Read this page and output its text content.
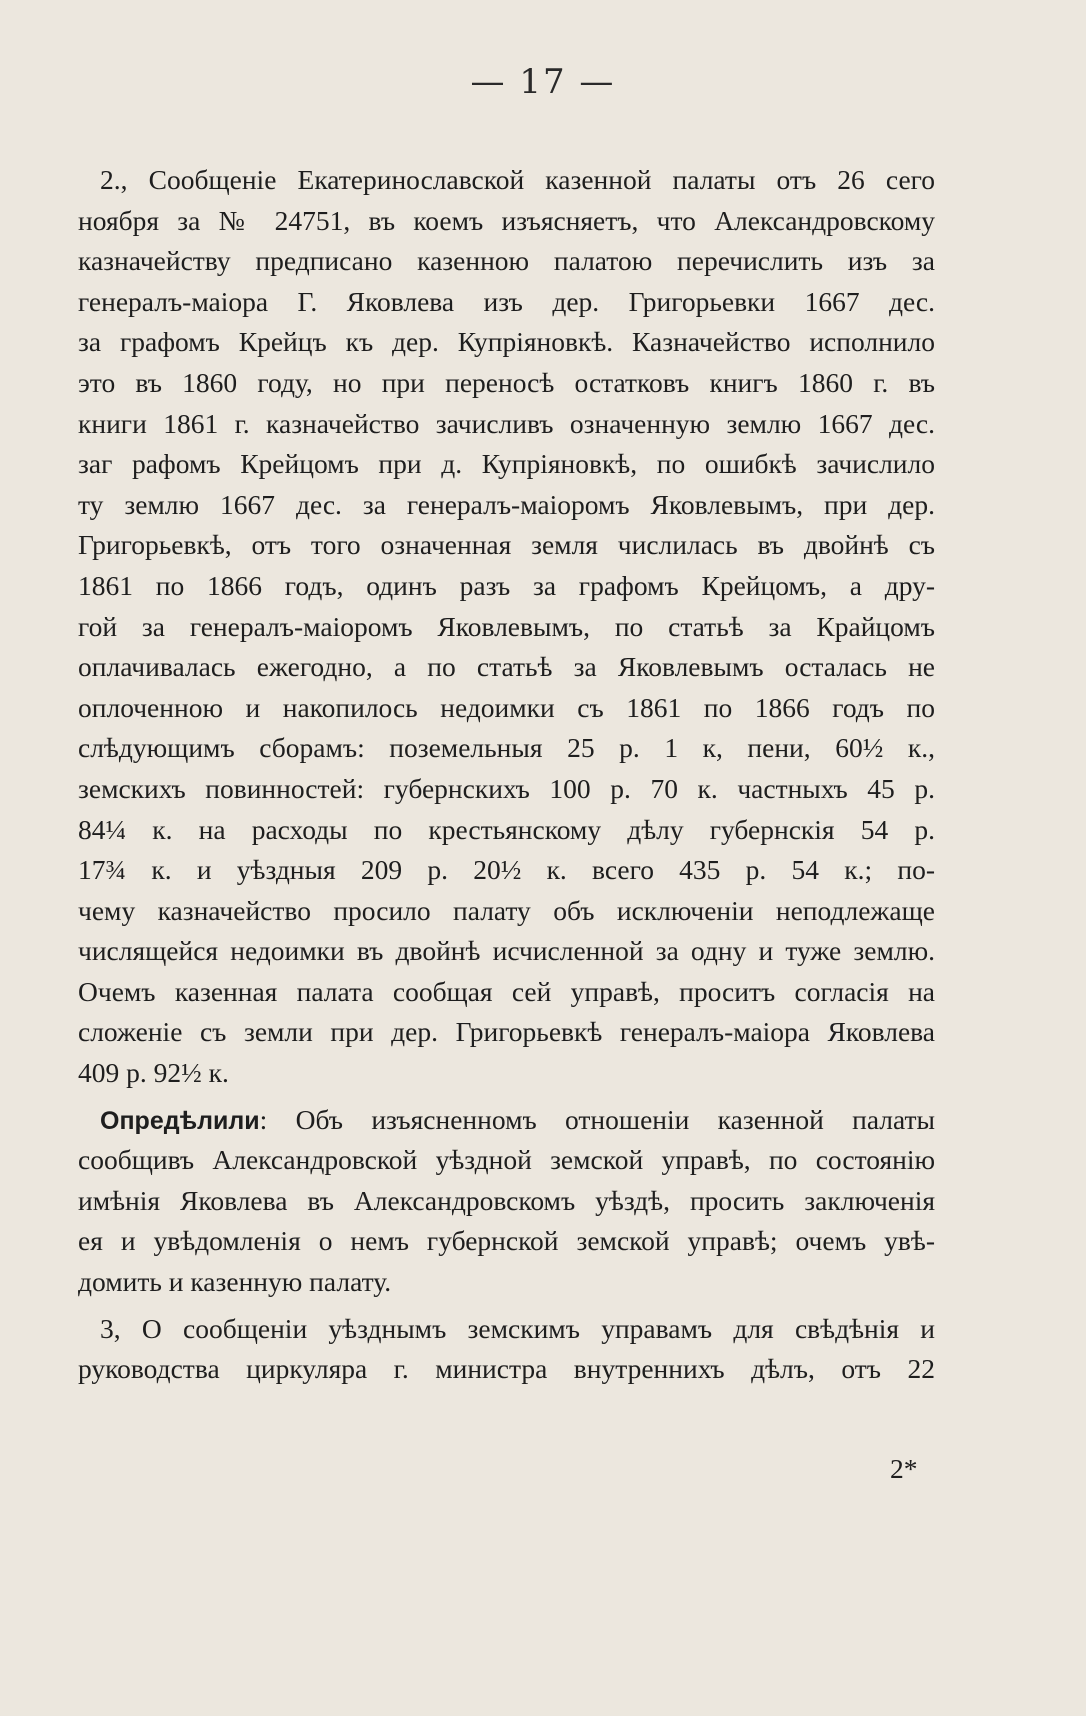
— 17 —
2., Сообщеніе Екатеринославской казенной палаты отъ 26 сего
ноября за № 24751, въ коемъ изъясняетъ, что Александровскому
казначейству предписано казенною палатою перечислить изъ за
генералъ-маіора Г. Яковлева изъ дер. Григорьевки 1667 дес.
за графомъ Крейцъ къ дер. Купріяновкѣ. Казначейство исполнило
это въ 1860 году, но при переносѣ остатковъ книгъ 1860 г. въ
книги 1861 г. казначейство зачисливъ означенную землю 1667 дес.
заг рафомъ Крейцомъ при д. Купріяновкѣ, по ошибкѣ зачислило
ту землю 1667 дес. за генералъ-маіоромъ Яковлевымъ, при дер.
Григорьевкѣ, отъ того означенная земля числилась въ двойнѣ съ
1861 по 1866 годъ, одинъ разъ за графомъ Крейцомъ, а дру-
гой за генералъ-маіоромъ Яковлевымъ, по статьѣ за Крайцомъ
оплачивалась ежегодно, а по статьѣ за Яковлевымъ осталась не
оплоченною и накопилось недоимки съ 1861 по 1866 годъ по
слѣдующимъ сборамъ: поземельныя 25 р. 1 к, пени, 60½ к.,
земскихъ повинностей: губернскихъ 100 р. 70 к. частныхъ 45 р.
84¼ к. на расходы по крестьянскому дѣлу губернскія 54 р.
17¾ к. и уѣздныя 209 р. 20½ к. всего 435 р. 54 к.; по-
чему казначейство просило палату объ исключеніи неподлежаще
числящейся недоимки въ двойнѣ исчисленной за одну и туже землю.
Очемъ казенная палата сообщая сей управѣ, проситъ согласія на
сложеніе съ земли при дер. Григорьевкѣ генералъ-маіора Яковлева
409 р. 92½ к.
Опредѣлили: Объ изъясненномъ отношеніи казенной палаты
сообщивъ Александровской уѣздной земской управѣ, по состоянію
имѣнія Яковлева въ Александровскомъ уѣздѣ, просить заключенія
ея и увѣдомленія о немъ губернской земской управѣ; очемъ увѣ-
домить и казенную палату.
3, О сообщеніи уѣзднымъ земскимъ управамъ для свѣдѣнія и
руководства циркуляра г. министра внутреннихъ дѣлъ, отъ 22
2*
